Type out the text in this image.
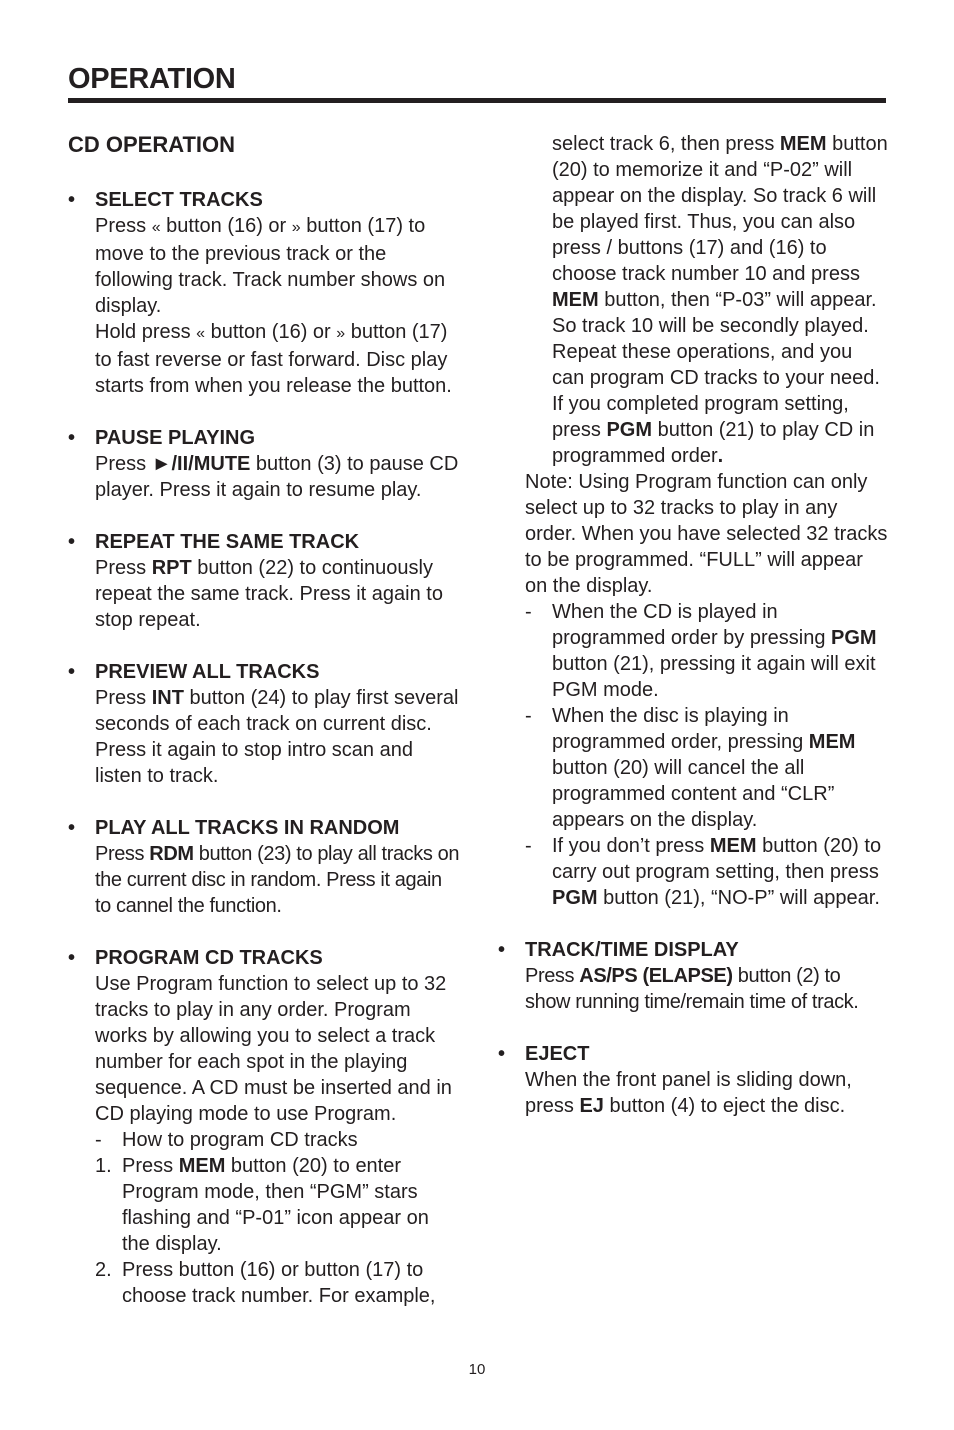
OPERATION
CD OPERATION
• SELECT TRACKS

Press « button (16) or » button (17) to move to the previous track or the following track. Track number shows on display.

Hold press « button (16) or » button (17) to fast reverse or fast forward. Disc play starts from when you release the button.

• PAUSE PLAYING

Press ►/II/MUTE button (3) to pause CD player. Press it again to resume play.

• REPEAT THE SAME TRACK

Press RPT button (22) to continuously repeat the same track. Press it again to stop repeat.

• PREVIEW ALL TRACKS

Press INT button (24) to play first several seconds of each track on current disc. Press it again to stop intro scan and listen to track.

• PLAY ALL TRACKS IN RANDOM

Press RDM button (23) to play all tracks on the current disc in random. Press it again to cannel the function.

• PROGRAM CD TRACKS

Use Program function to select up to 32 tracks to play in any order. Program works by allowing you to select a track number for each spot in the playing sequence. A CD must be inserted and in CD playing mode to use Program.

-	How to program CD tracks
1. Press MEM button (20) to enter Program mode, then “PGM” stars flashing and “P-01” icon appear on the display.
2. Press button (16) or button (17) to choose track number. For example,

select track 6, then press MEM button (20) to memorize it and “P-02” will appear on the display. So track 6 will be played first. Thus, you can also press / buttons (17) and (16) to choose track number 10 and press MEM button, then “P-03” will appear. So track 10 will be secondly played. Repeat these operations, and you can program CD tracks to your need. If you completed program setting, press PGM button (21) to play CD in programmed order.

Note: Using Program function can only select up to 32 tracks to play in any order. When you have selected 32 tracks to be programmed. “FULL” will appear on the display.

-	When the CD is played in programmed order by pressing PGM button (21), pressing it again will exit PGM mode.
-	When the disc is playing in programmed order, pressing MEM button (20) will cancel the all programmed content and “CLR” appears on the display.
-	If you don’t press MEM button (20) to carry out program setting, then press PGM button (21), “NO-P” will appear.
• TRACK/TIME DISPLAY

Press AS/PS (ELAPSE) button (2) to show running time/remain time of track.

• EJECT

When the front panel is sliding down, press EJ button (4) to eject the disc.

10
